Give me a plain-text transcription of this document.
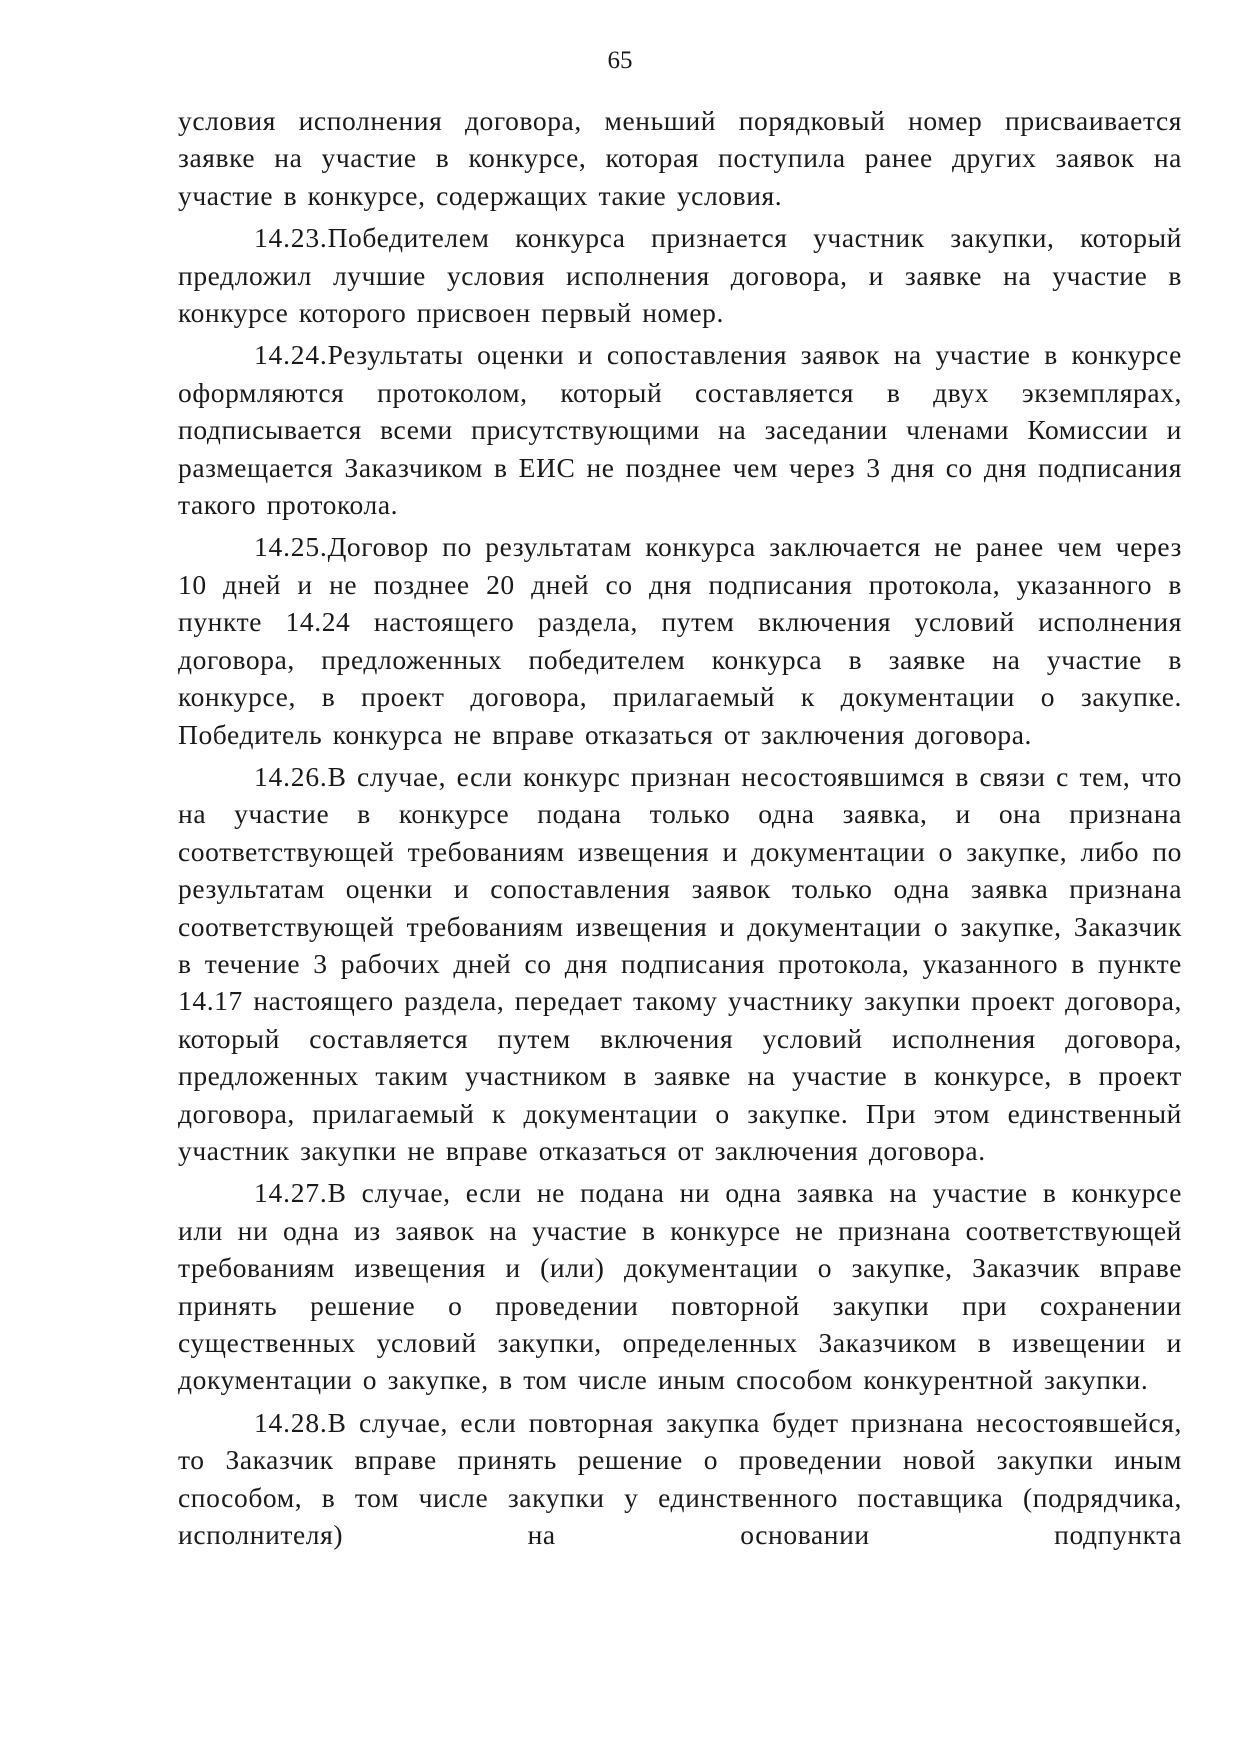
65

условия исполнения договора, меньший порядковый номер присваивается заявке на участие в конкурсе, которая поступила ранее других заявок на участие в конкурсе, содержащих такие условия.

14.23.Победителем конкурса признается участник закупки, который предложил лучшие условия исполнения договора, и заявке на участие в конкурсе которого присвоен первый номер.

14.24.Результаты оценки и сопоставления заявок на участие в конкурсе оформляются протоколом, который составляется в двух экземплярах, подписывается всеми присутствующими на заседании членами Комиссии и размещается Заказчиком в ЕИС не позднее чем через 3 дня со дня подписания такого протокола.

14.25.Договор по результатам конкурса заключается не ранее чем через 10 дней и не позднее 20 дней со дня подписания протокола, указанного в пункте 14.24 настоящего раздела, путем включения условий исполнения договора, предложенных победителем конкурса в заявке на участие в конкурсе, в проект договора, прилагаемый к документации о закупке. Победитель конкурса не вправе отказаться от заключения договора.

14.26.В случае, если конкурс признан несостоявшимся в связи с тем, что на участие в конкурсе подана только одна заявка, и она признана соответствующей требованиям извещения и документации о закупке, либо по результатам оценки и сопоставления заявок только одна заявка признана соответствующей требованиям извещения и документации о закупке, Заказчик в течение 3 рабочих дней со дня подписания протокола, указанного в пункте 14.17 настоящего раздела, передает такому участнику закупки проект договора, который составляется путем включения условий исполнения договора, предложенных таким участником в заявке на участие в конкурсе, в проект договора, прилагаемый к документации о закупке. При этом единственный участник закупки не вправе отказаться от заключения договора.

14.27.В случае, если не подана ни одна заявка на участие в конкурсе или ни одна из заявок на участие в конкурсе не признана соответствующей требованиям извещения и (или) документации о закупке, Заказчик вправе принять решение о проведении повторной закупки при сохранении существенных условий закупки, определенных Заказчиком в извещении и документации о закупке, в том числе иным способом конкурентной закупки.

14.28.В случае, если повторная закупка будет признана несостоявшейся, то Заказчик вправе принять решение о проведении новой закупки иным способом, в том числе закупки у единственного поставщика (подрядчика, исполнителя) на основании подпункта
